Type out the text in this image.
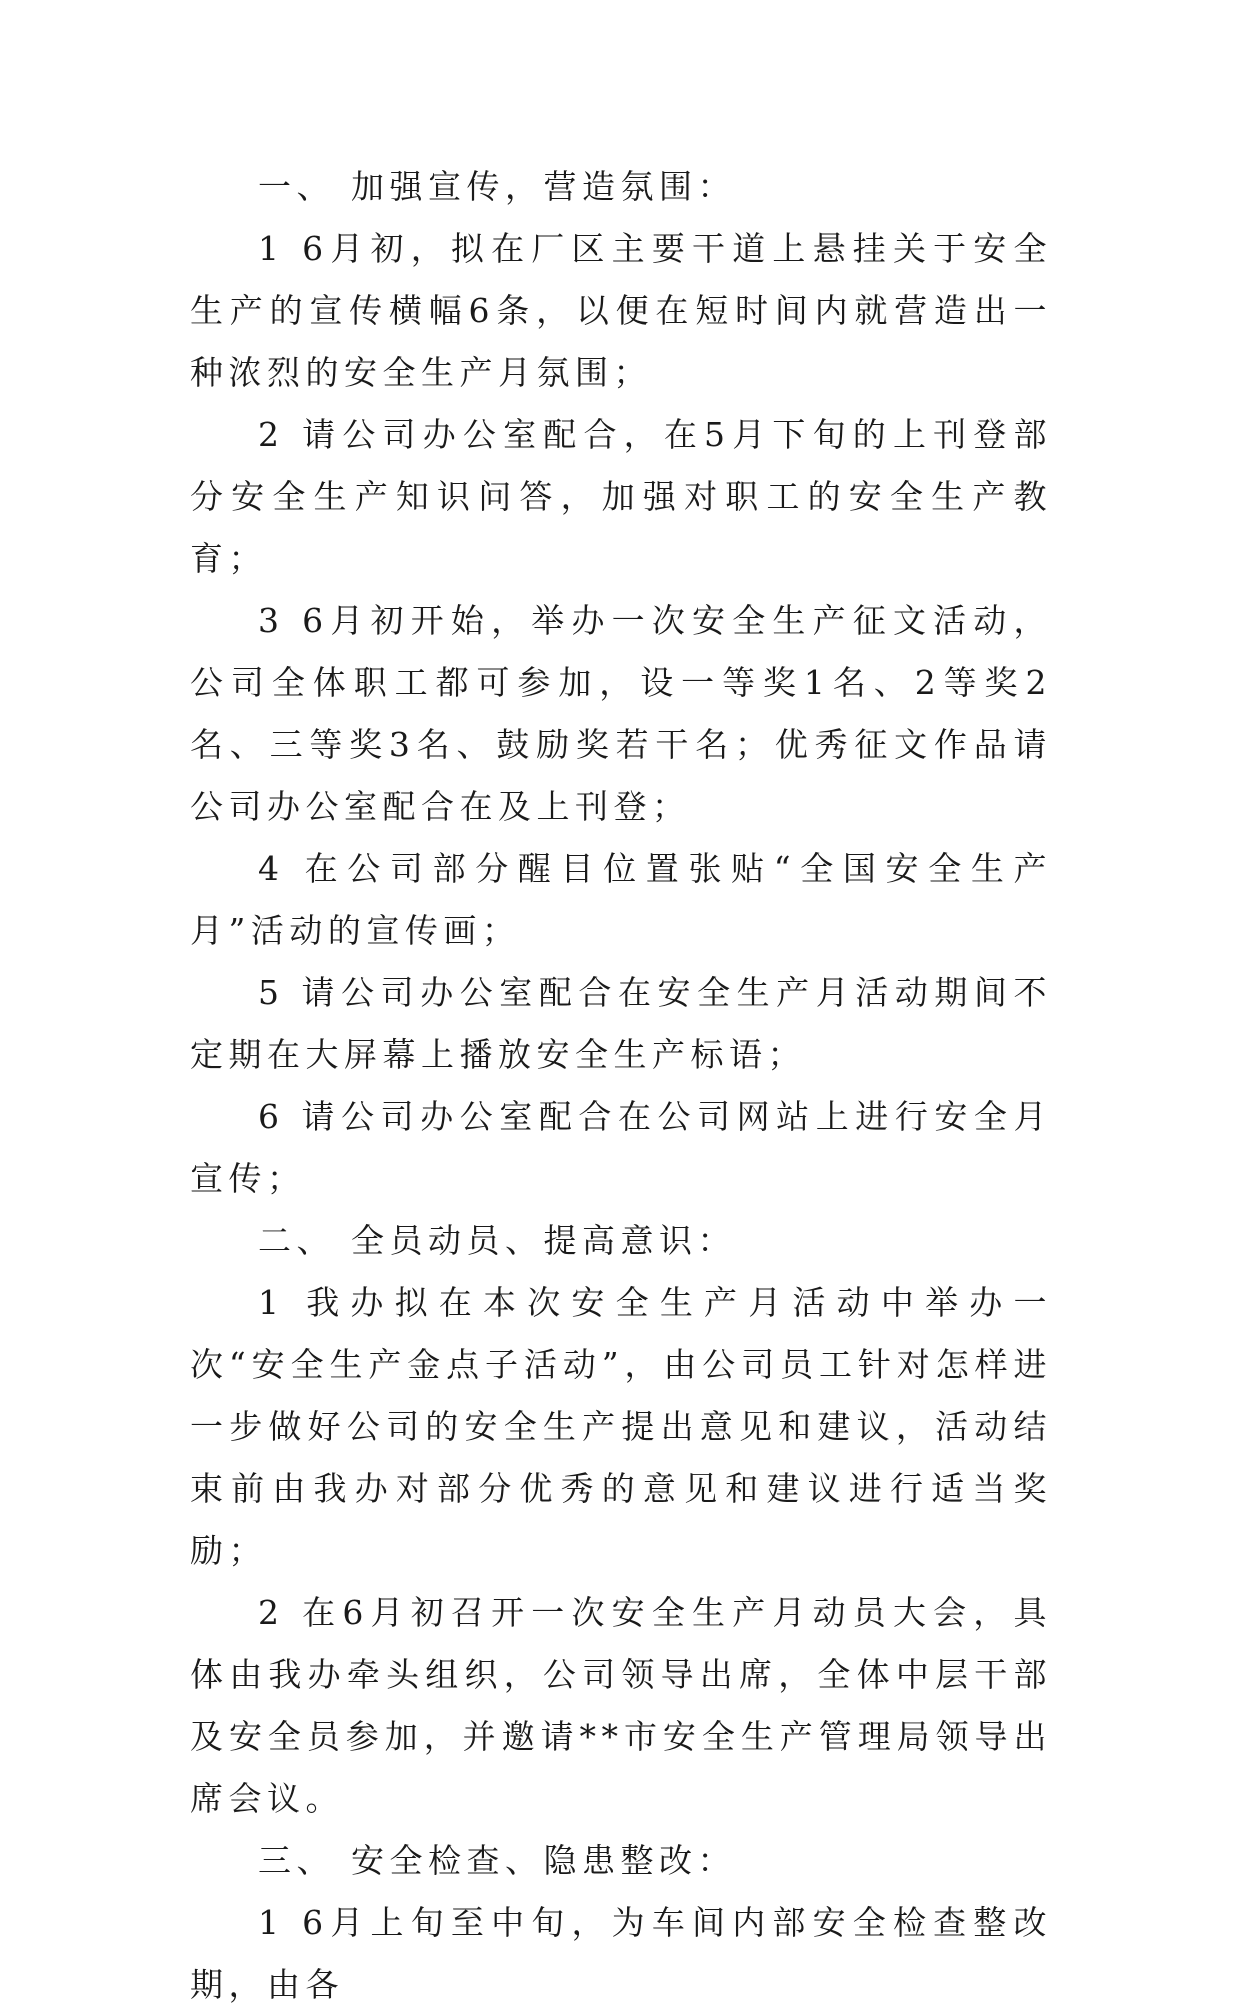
一、 加强宣传，营造氛围：

1 6月初，拟在厂区主要干道上悬挂关于安全生产的宣传横幅6条，以便在短时间内就营造出一种浓烈的安全生产月氛围；

2 请公司办公室配合，在5月下旬的上刊登部分安全生产知识问答，加强对职工的安全生产教育；

3 6月初开始，举办一次安全生产征文活动，公司全体职工都可参加，设一等奖1名、2等奖2名、三等奖3名、鼓励奖若干名；优秀征文作品请公司办公室配合在及上刊登；

4 在公司部分醒目位置张贴“全国安全生产月”活动的宣传画；

5 请公司办公室配合在安全生产月活动期间不定期在大屏幕上播放安全生产标语；

6 请公司办公室配合在公司网站上进行安全月宣传；

二、 全员动员、提高意识：

1 我办拟在本次安全生产月活动中举办一次“安全生产金点子活动”，由公司员工针对怎样进一步做好公司的安全生产提出意见和建议，活动结束前由我办对部分优秀的意见和建议进行适当奖励；

2 在6月初召开一次安全生产月动员大会，具体由我办牵头组织，公司领导出席，全体中层干部及安全员参加，并邀请**市安全生产管理局领导出席会议。

三、 安全检查、隐患整改：

1 6月上旬至中旬，为车间内部安全检查整改期，由各
